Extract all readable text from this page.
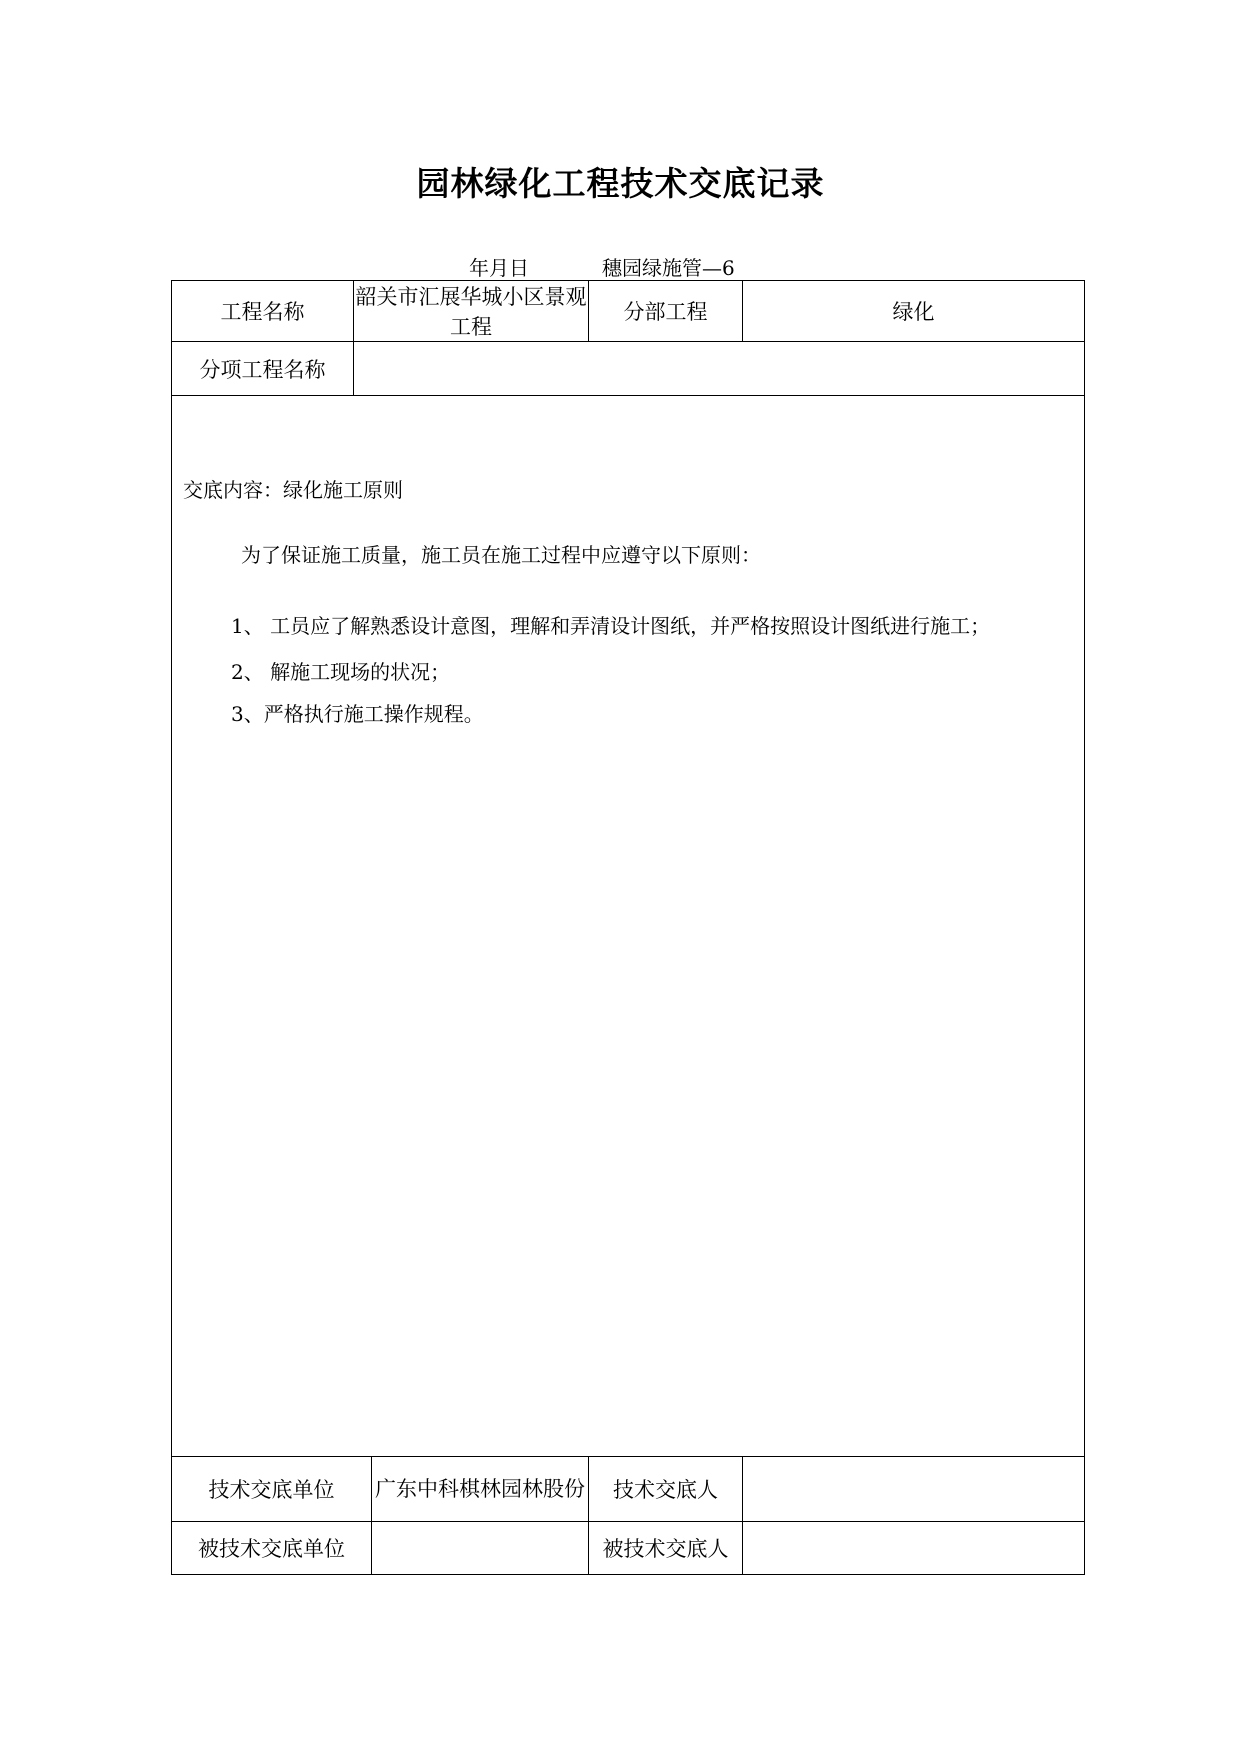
园林绿化工程技术交底记录
年月日	穗园绿施管—6
工程名称	韶关市汇展华城小区景观工程		分部工程	绿化
分项工程名称				

交底内容：绿化施工原则
为了保证施工质量，施工员在施工过程中应遵守以下原则：
1、 工员应了解熟悉设计意图，理解和弄清设计图纸，并严格按照设计图纸进行施工；
2、 解施工现场的状况；
3、严格执行施工操作规程。				

技术交底单位		广东中科棋林园林股份	技术交底人	
被技术交底单位			被技术交底人	
